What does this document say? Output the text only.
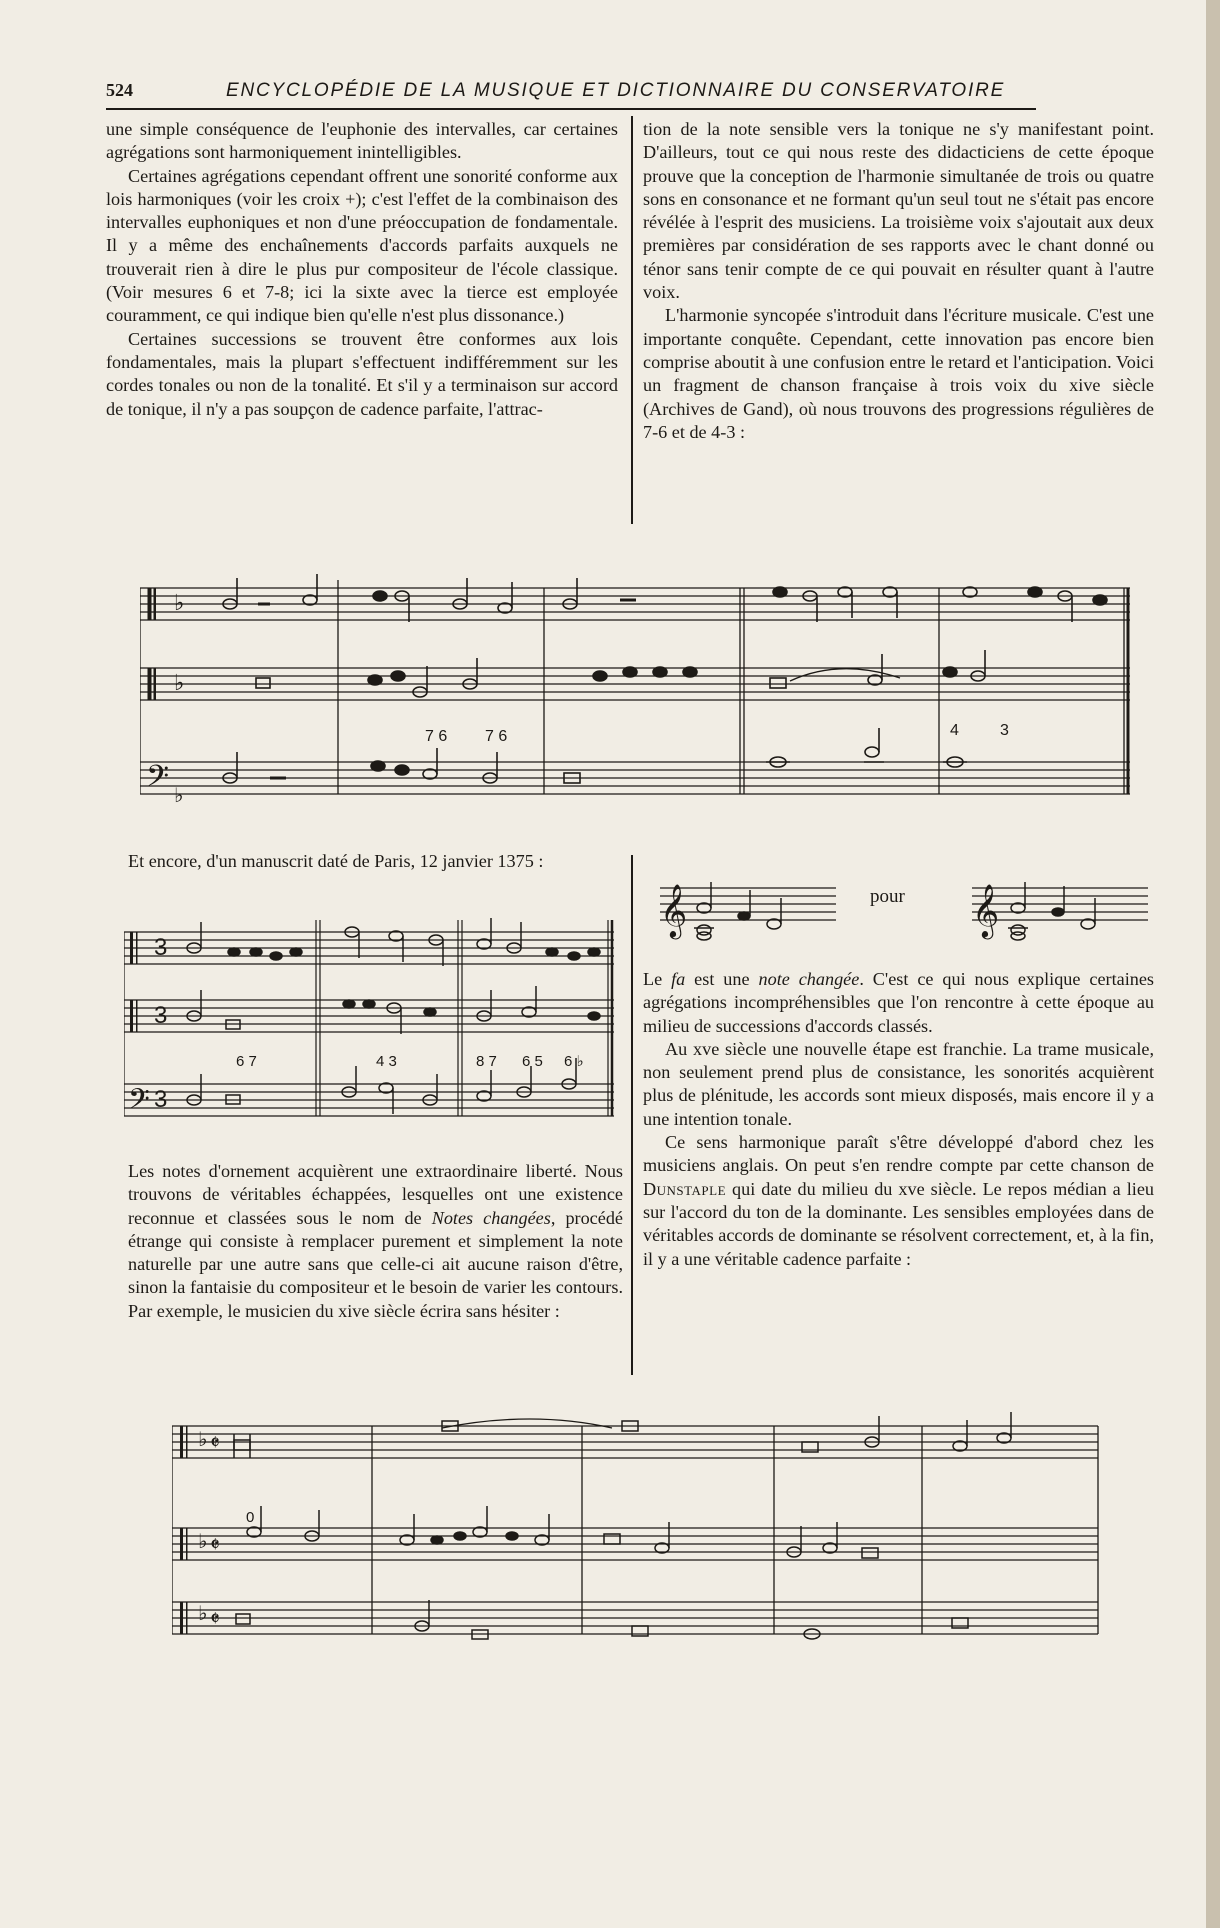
524	ENCYCLOPÉDIE DE LA MUSIQUE ET DICTIONNAIRE DU CONSERVATOIRE

une simple conséquence de l'euphonie des intervalles, car certaines agrégations sont harmoniquement inintelligibles.

Certaines agrégations cependant offrent une sonorité conforme aux lois harmoniques (voir les croix +); c'est l'effet de la combinaison des intervalles euphoniques et non d'une préoccupation de fondamentale. Il y a même des enchaînements d'accords parfaits auxquels ne trouverait rien à dire le plus pur compositeur de l'école classique. (Voir mesures 6 et 7-8; ici la sixte avec la tierce est employée couramment, ce qui indique bien qu'elle n'est plus dissonance.)

Certaines successions se trouvent être conformes aux lois fondamentales, mais la plupart s'effectuent indifféremment sur les cordes tonales ou non de la tonalité. Et s'il y a terminaison sur accord de tonique, il n'y a pas soupçon de cadence parfaite, l'attrac-

tion de la note sensible vers la tonique ne s'y manifestant point. D'ailleurs, tout ce qui nous reste des didacticiens de cette époque prouve que la conception de l'harmonie simultanée de trois ou quatre sons en consonance et ne formant qu'un seul tout ne s'était pas encore révélée à l'esprit des musiciens. La troisième voix s'ajoutait aux deux premières par considération de ses rapports avec le chant donné ou ténor sans tenir compte de ce qui pouvait en résulter quant à l'autre voix.

L'harmonie syncopée s'introduit dans l'écriture musicale. C'est une importante conquête. Cependant, cette innovation pas encore bien comprise aboutit à une confusion entre le retard et l'anticipation. Voici un fragment de chanson française à trois voix du xive siècle (Archives de Gand), où nous trouvons des progressions régulières de 7-6 et de 4-3 :

♭
♭
𝄢 ♭
7 6 7 6	4	3

Et encore, d'un manuscrit daté de Paris, 12 janvier 1375 :

𝄢
3
3
3
6 7	4 3	8 7 6 5 6 ♭

Les notes d'ornement acquièrent une extraordinaire liberté. Nous trouvons de véritables échappées, lesquelles ont une existence reconnue et classées sous le nom de Notes changées, procédé étrange qui consiste à remplacer purement et simplement la note naturelle par une autre sans que celle-ci ait aucune raison d'être, sinon la fantaisie du compositeur et le besoin de varier les contours. Par exemple, le musicien du xive siècle écrira sans hésiter :

𝄞	𝄞
pour

Le fa est une note changée. C'est ce qui nous explique certaines agrégations incompréhensibles que l'on rencontre à cette époque au milieu de successions d'accords classés.

Au xve siècle une nouvelle étape est franchie. La trame musicale, non seulement prend plus de consistance, les sonorités acquièrent plus de plénitude, les accords sont mieux disposés, mais encore il y a une intention tonale.

Ce sens harmonique paraît s'être développé d'abord chez les musiciens anglais. On peut s'en rendre compte par cette chanson de Dunstaple qui date du milieu du xve siècle. Le repos médian a lieu sur l'accord du ton de la dominante. Les sensibles employées dans de véritables accords de dominante se résolvent correctement, et, à la fin, il y a une véritable cadence parfaite :

♭
♭
♭
𝄵
𝄵
𝄵
0
